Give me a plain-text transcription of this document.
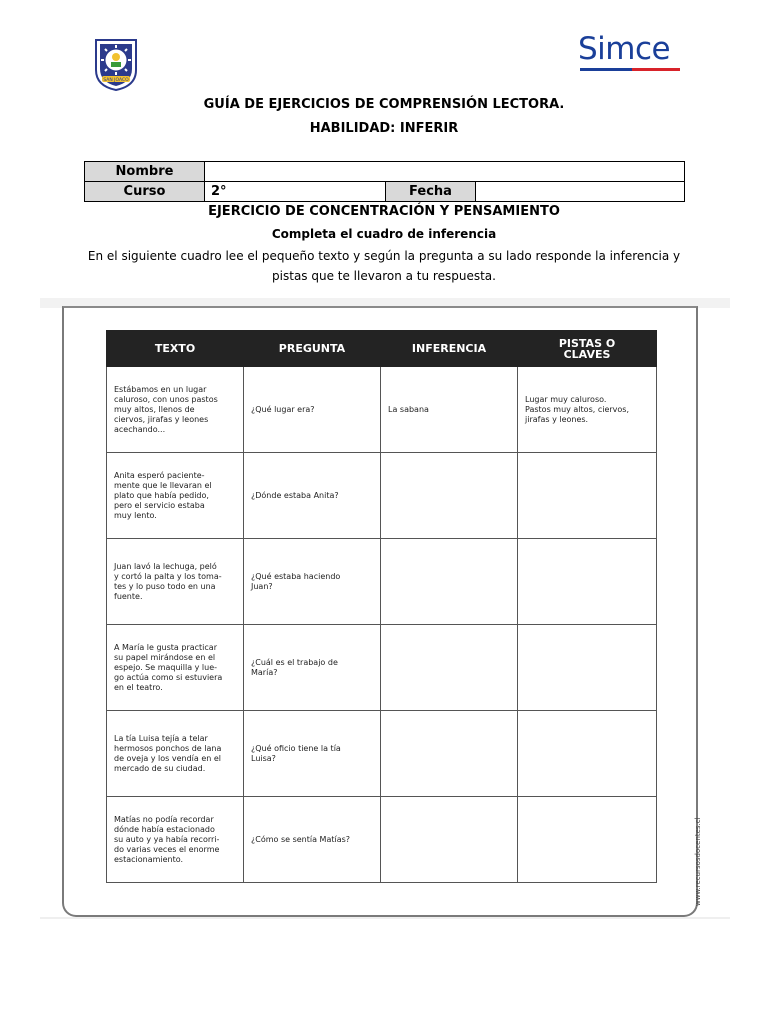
SAN JOACO
Simce
GUÍA DE EJERCICIOS DE COMPRENSIÓN LECTORA.
HABILIDAD: INFERIR
Nombre			
Curso	2°	Fecha	
EJERCICIO DE CONCENTRACIÓN Y PENSAMIENTO
Completa el cuadro de inferencia
En el siguiente cuadro lee el pequeño texto y según la pregunta a su lado responde la inferencia y pistas que te llevaron a tu respuesta.
TEXTO	PREGUNTA	INFERENCIA	PISTAS O
CLAVES
Estábamos en un lugar
caluroso, con unos pastos
muy altos, llenos de
ciervos, jirafas y leones
acechando...	¿Qué lugar era?	La sabana	Lugar muy caluroso.
Pastos muy altos, ciervos,
jirafas y leones.
Anita esperó paciente-
mente que le llevaran el
plato que había pedido,
pero el servicio estaba
muy lento.	¿Dónde estaba Anita?		
Juan lavó la lechuga, peló
y cortó la palta y los toma-
tes y lo puso todo en una
fuente.	¿Qué estaba haciendo
Juan?		
A María le gusta practicar
su papel mirándose en el
espejo. Se maquilla y lue-
go actúa como si estuviera
en el teatro.	¿Cuál es el trabajo de
María?		
La tía Luisa tejía a telar
hermosos ponchos de lana
de oveja y los vendía en el
mercado de su ciudad.	¿Qué oficio tiene la tía
Luisa?		
Matías no podía recordar
dónde había estacionado
su auto y ya había recorri-
do varias veces el enorme
estacionamiento.	¿Cómo se sentía Matías?			www.recursosdocentes.cl
